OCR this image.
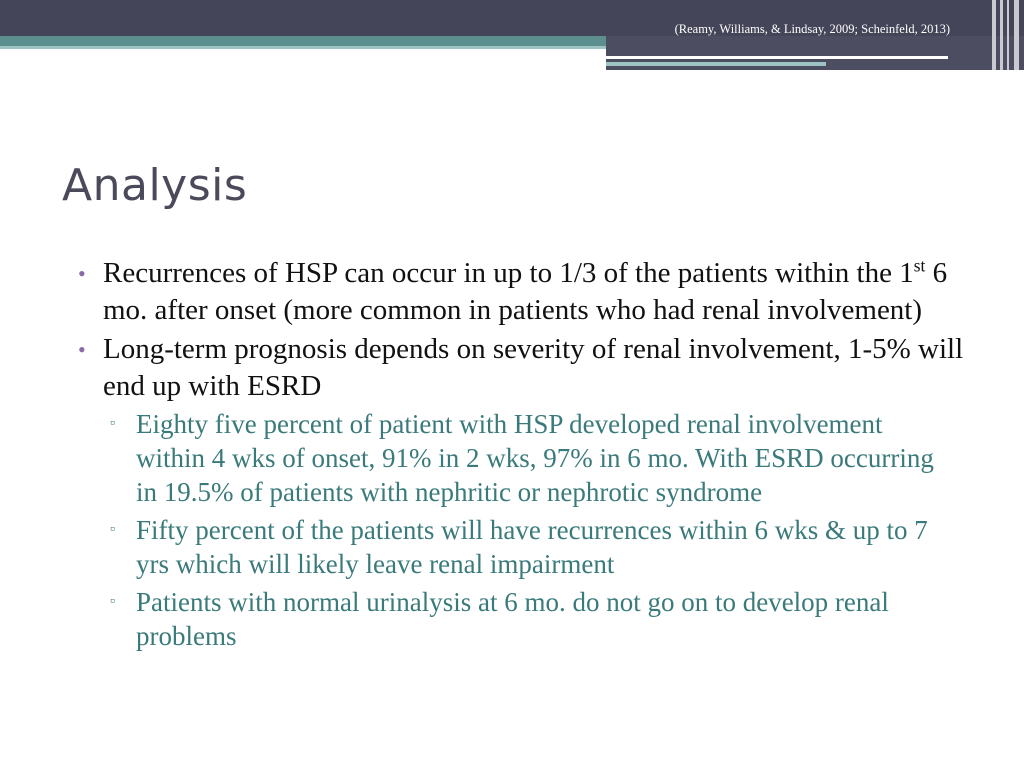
(Reamy, Williams, & Lindsay, 2009; Scheinfeld, 2013)
Analysis
• Recurrences of HSP can occur in up to 1/3 of the patients within the 1st 6 mo. after onset (more common in patients who had renal involvement)
• Long-term prognosis depends on severity of renal involvement, 1-5% will end up with ESRD
▫ Eighty five percent of patient with HSP developed renal involvement within 4 wks of onset, 91% in 2 wks, 97% in 6 mo. With ESRD occurring in 19.5% of patients with nephritic or nephrotic syndrome
▫ Fifty percent of the patients will have recurrences within 6 wks & up to 7 yrs which will likely leave renal impairment
▫ Patients with normal urinalysis at 6 mo. do not go on to develop renal problems
